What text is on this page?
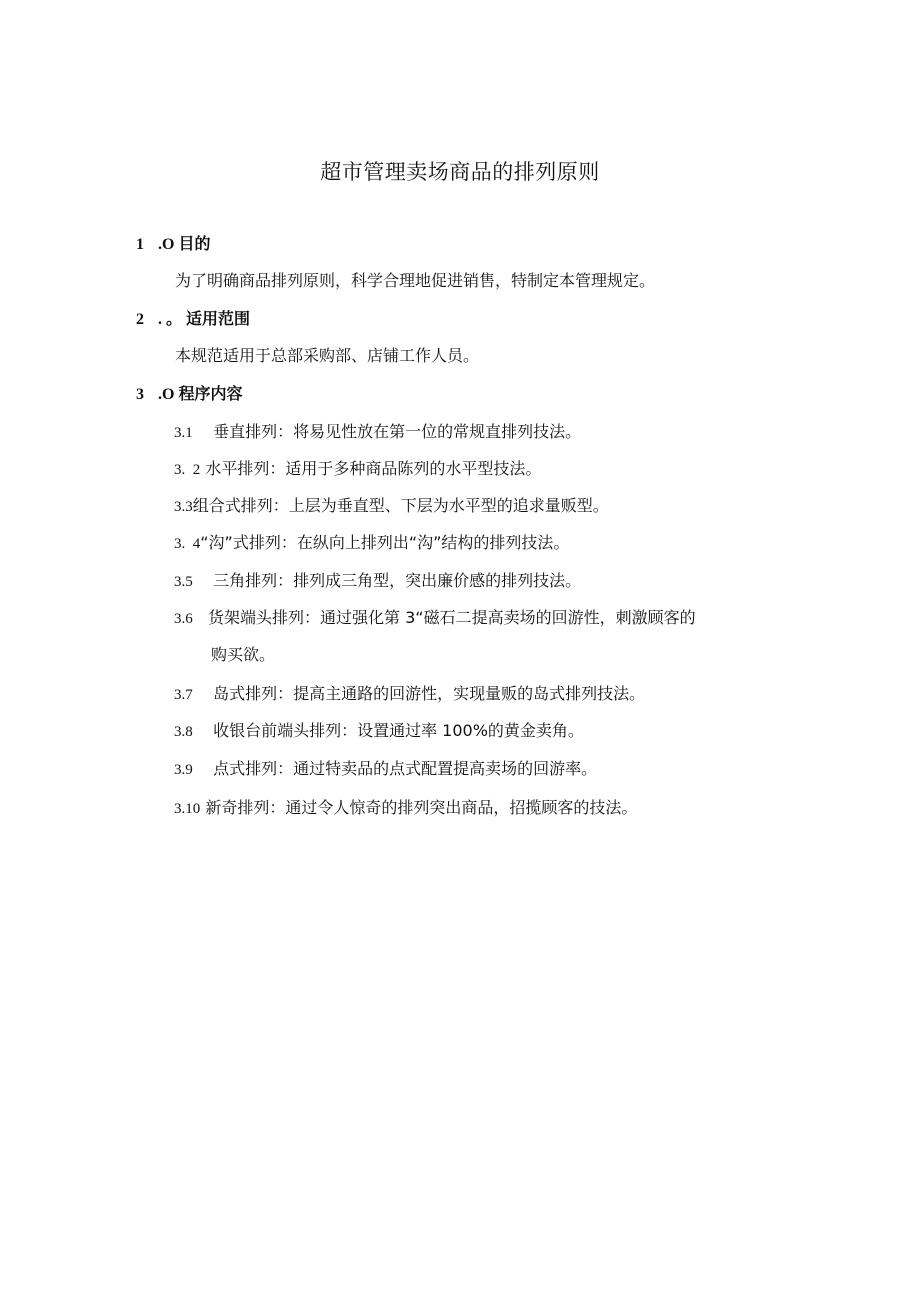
超市管理卖场商品的排列原则
1 .O 目的
为了明确商品排列原则，科学合理地促进销售，特制定本管理规定。
2 . 。 适用范围
本规范适用于总部采购部、店铺工作人员。
3 .O 程序内容
3.1 垂直排列：将易见性放在第一位的常规直排列技法。
3.  2 水平排列：适用于多种商品陈列的水平型技法。
3.3组合式排列：上层为垂直型、下层为水平型的追求量贩型。
3.  4“沟”式排列：在纵向上排列出“沟”结构的排列技法。
3.5 三角排列：排列成三角型，突出廉价感的排列技法。
3.6 货架端头排列：通过强化第 3“磁石二提高卖场的回游性，刺激顾客的
购买欲。
3.7 岛式排列：提高主通路的回游性，实现量贩的岛式排列技法。
3.8 收银台前端头排列：设置通过率 100%的黄金卖角。
3.9 点式排列：通过特卖品的点式配置提高卖场的回游率。
3.10 新奇排列：通过令人惊奇的排列突出商品，招揽顾客的技法。
